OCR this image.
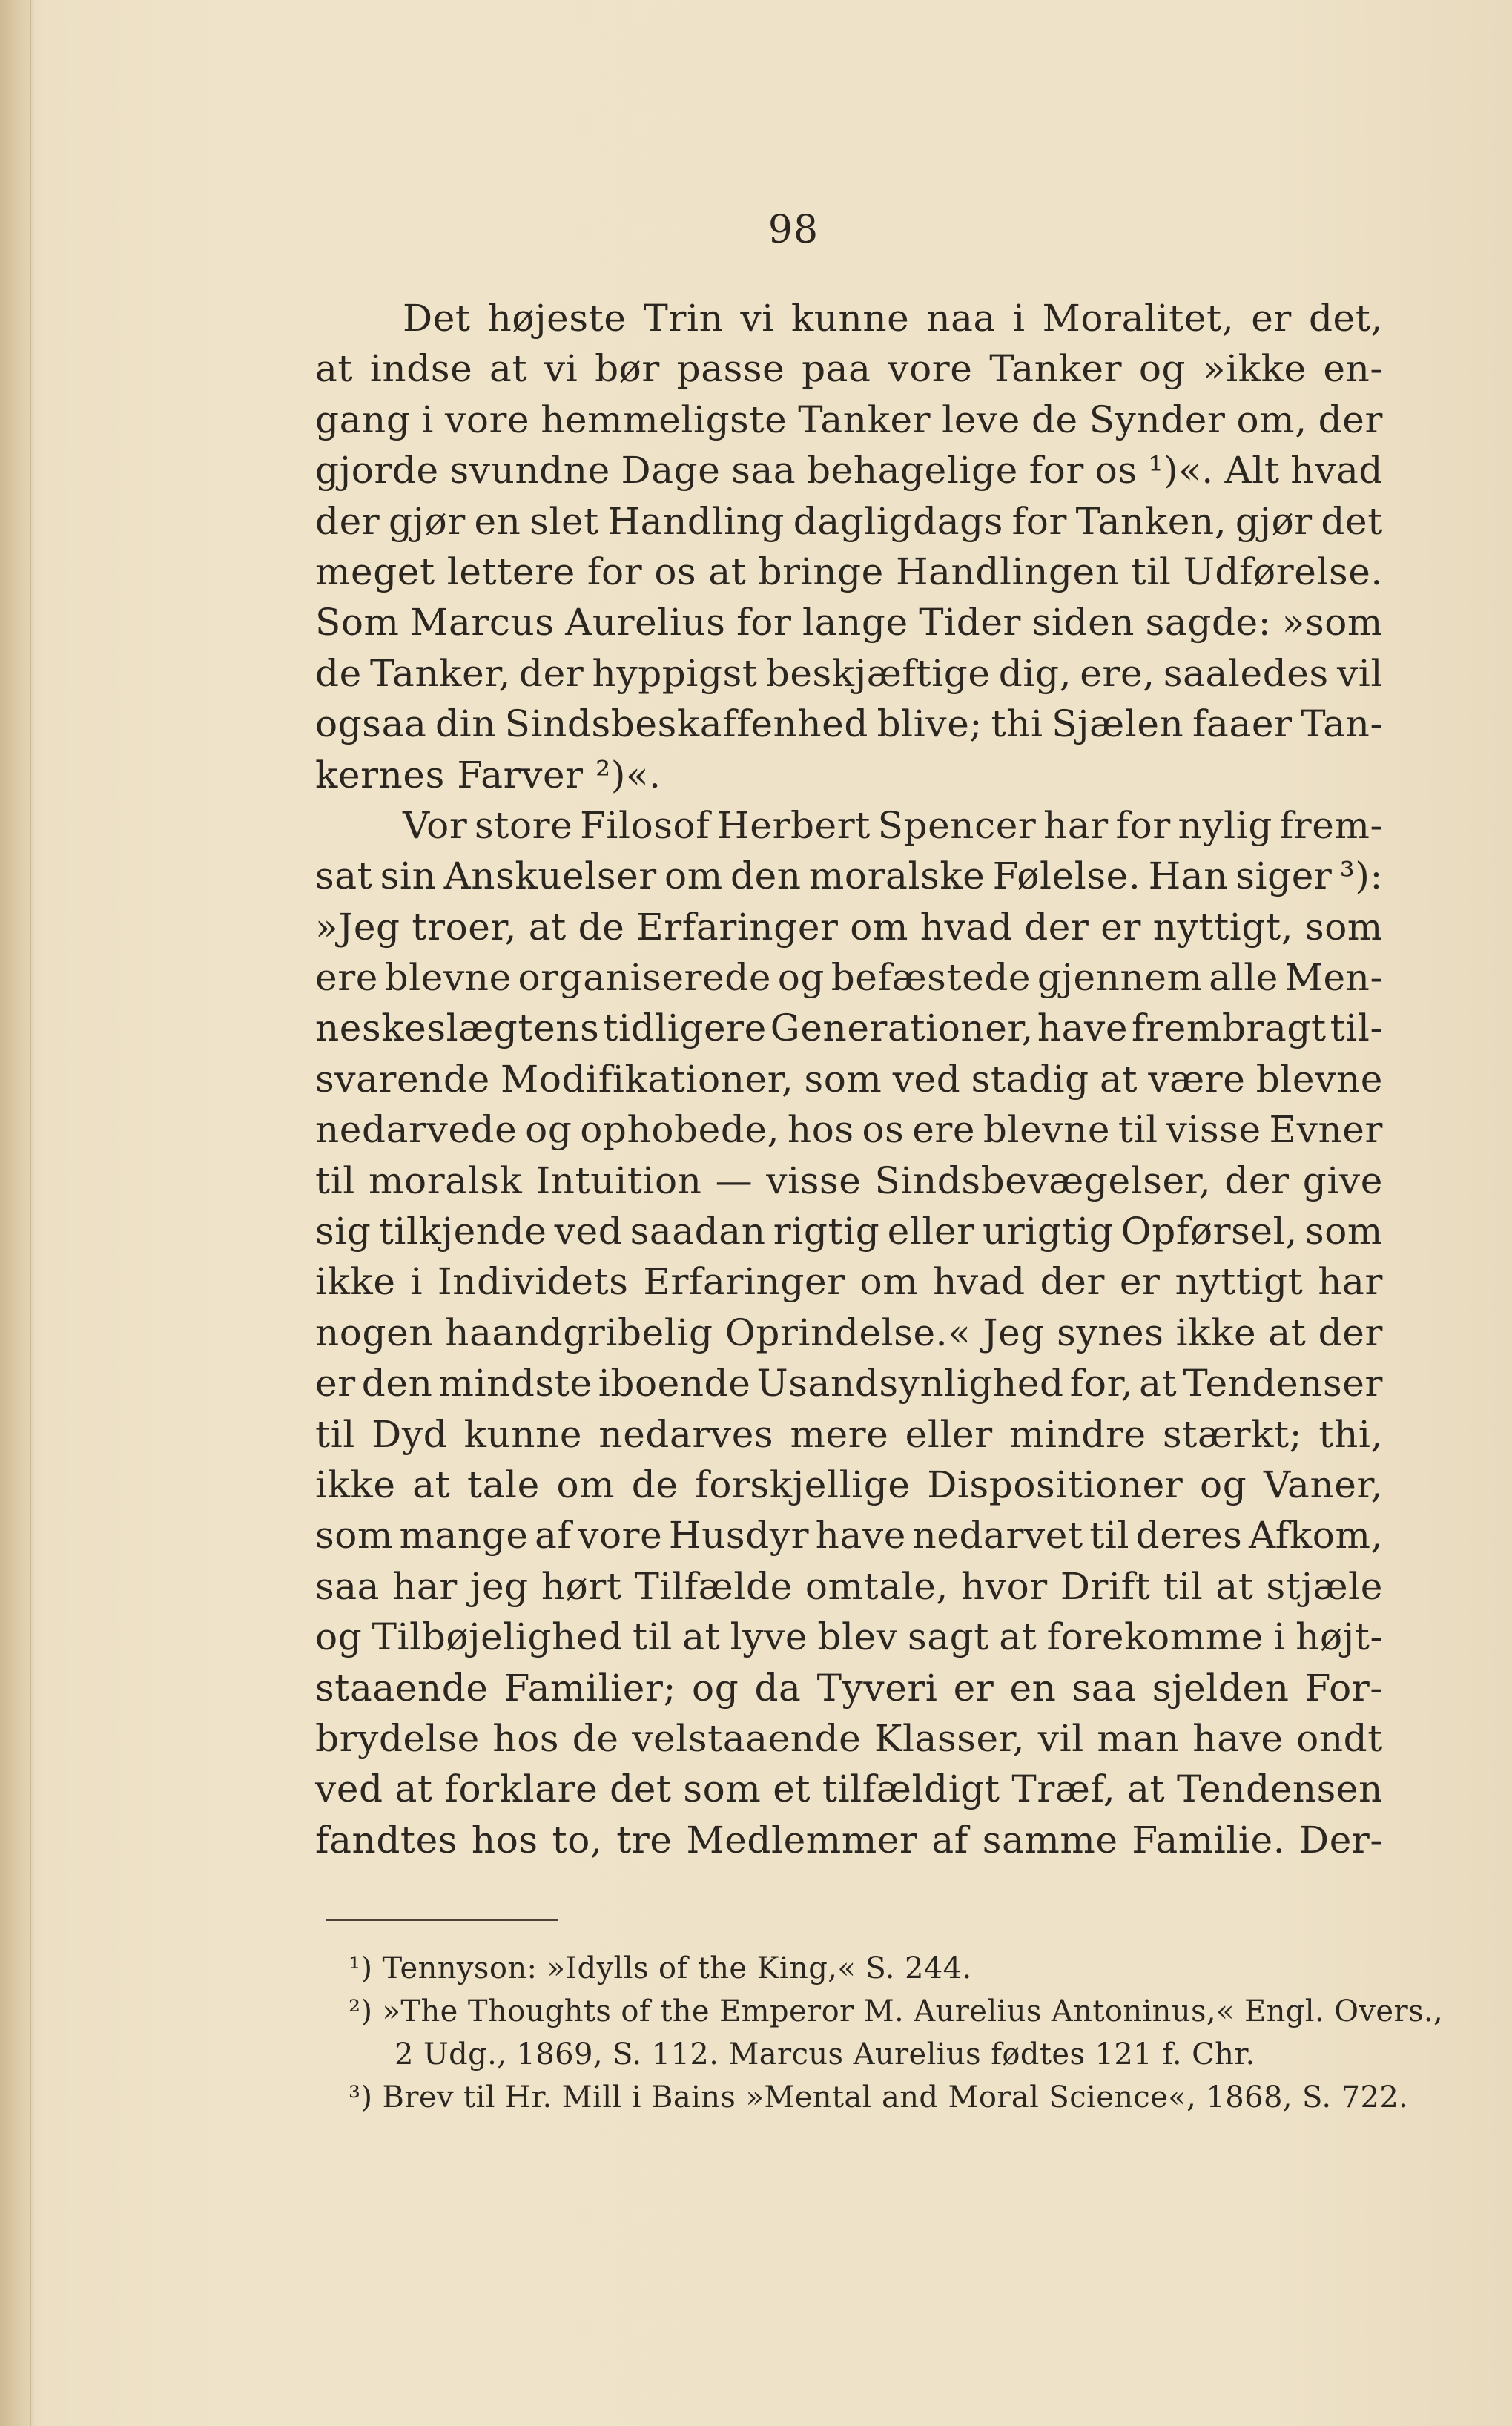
98
Det højeste Trin vi kunne naa i Moralitet, er det,
at indse at vi bør passe paa vore Tanker og »ikke en-
gang i vore hemmeligste Tanker leve de Synder om, der
gjorde svundne Dage saa behagelige for os ¹)«. Alt hvad
der gjør en slet Handling dagligdags for Tanken, gjør det
meget lettere for os at bringe Handlingen til Udførelse.
Som Marcus Aurelius for lange Tider siden sagde: »som
de Tanker, der hyppigst beskjæftige dig, ere, saaledes vil
ogsaa din Sindsbeskaffenhed blive; thi Sjælen faaer Tan-
kernes Farver ²)«.
Vor store Filosof Herbert Spencer har for nylig frem-
sat sin Anskuelser om den moralske Følelse. Han siger ³):
»Jeg troer, at de Erfaringer om hvad der er nyttigt, som
ere blevne organiserede og befæstede gjennem alle Men-
neskeslægtens tidligere Generationer, have frembragt til-
svarende Modifikationer, som ved stadig at være blevne
nedarvede og ophobede, hos os ere blevne til visse Evner
til moralsk Intuition — visse Sindsbevægelser, der give
sig tilkjende ved saadan rigtig eller urigtig Opførsel, som
ikke i Individets Erfaringer om hvad der er nyttigt har
nogen haandgribelig Oprindelse.« Jeg synes ikke at der
er den mindste iboende Usandsynlighed for, at Tendenser
til Dyd kunne nedarves mere eller mindre stærkt; thi,
ikke at tale om de forskjellige Dispositioner og Vaner,
som mange af vore Husdyr have nedarvet til deres Afkom,
saa har jeg hørt Tilfælde omtale, hvor Drift til at stjæle
og Tilbøjelighed til at lyve blev sagt at forekomme i højt-
staaende Familier; og da Tyveri er en saa sjelden For-
brydelse hos de velstaaende Klasser, vil man have ondt
ved at forklare det som et tilfældigt Træf, at Tendensen
fandtes hos to, tre Medlemmer af samme Familie. Der-
¹) Tennyson: »Idylls of the King,« S. 244.
²) »The Thoughts of the Emperor M. Aurelius Antoninus,« Engl. Overs.,
2 Udg., 1869, S. 112. Marcus Aurelius fødtes 121 f. Chr.
³) Brev til Hr. Mill i Bains »Mental and Moral Science«, 1868, S. 722.
